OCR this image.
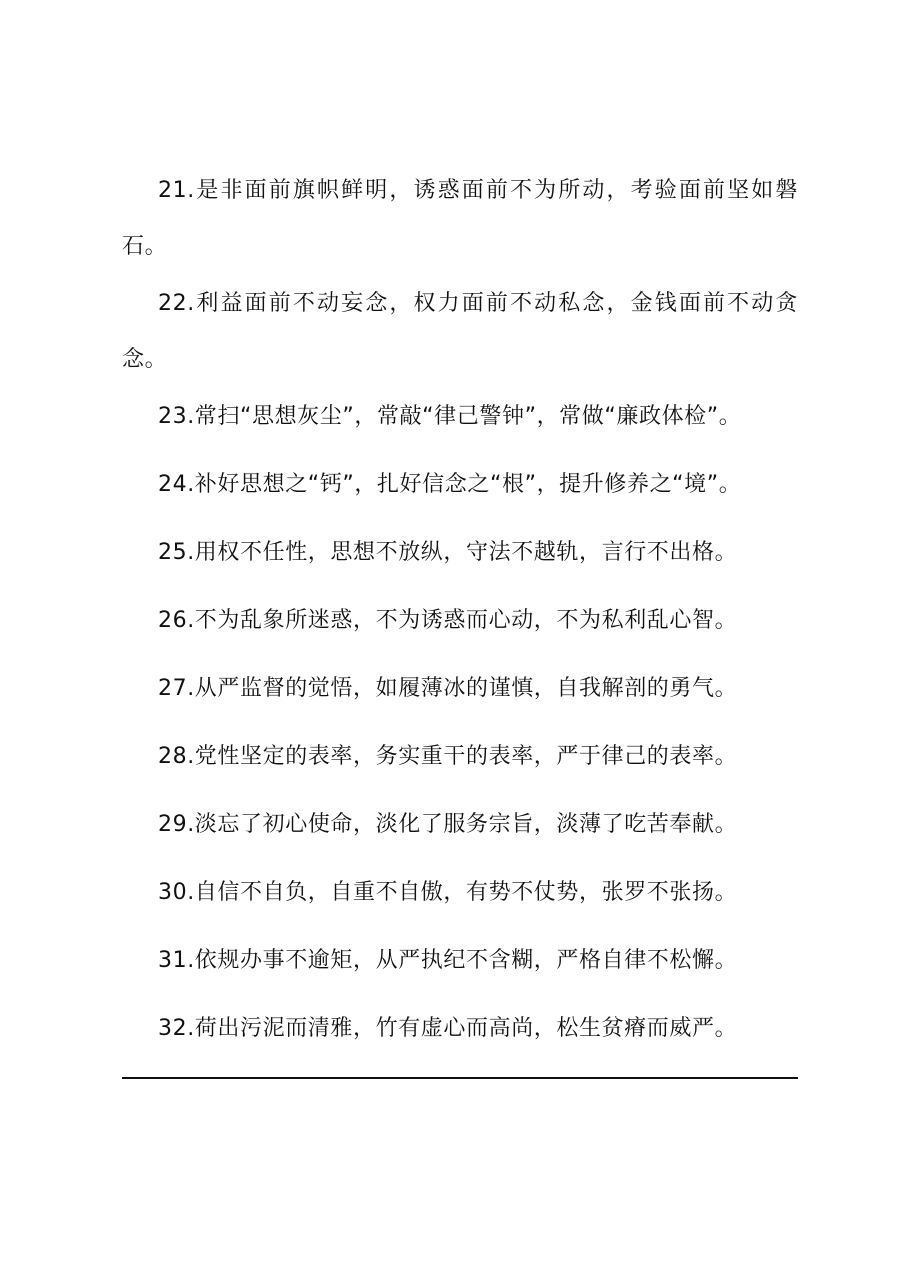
21.是非面前旗帜鲜明，诱惑面前不为所动，考验面前坚如磐石。

22.利益面前不动妄念，权力面前不动私念，金钱面前不动贪念。

23.常扫“思想灰尘”，常敲“律己警钟”，常做“廉政体检”。

24.补好思想之“钙”，扎好信念之“根”，提升修养之“境”。

25.用权不任性，思想不放纵，守法不越轨，言行不出格。

26.不为乱象所迷惑，不为诱惑而心动，不为私利乱心智。

27.从严监督的觉悟，如履薄冰的谨慎，自我解剖的勇气。

28.党性坚定的表率，务实重干的表率，严于律己的表率。

29.淡忘了初心使命，淡化了服务宗旨，淡薄了吃苦奉献。

30.自信不自负，自重不自傲，有势不仗势，张罗不张扬。

31.依规办事不逾矩，从严执纪不含糊，严格自律不松懈。

32.荷出污泥而清雅，竹有虚心而高尚，松生贫瘠而威严。
